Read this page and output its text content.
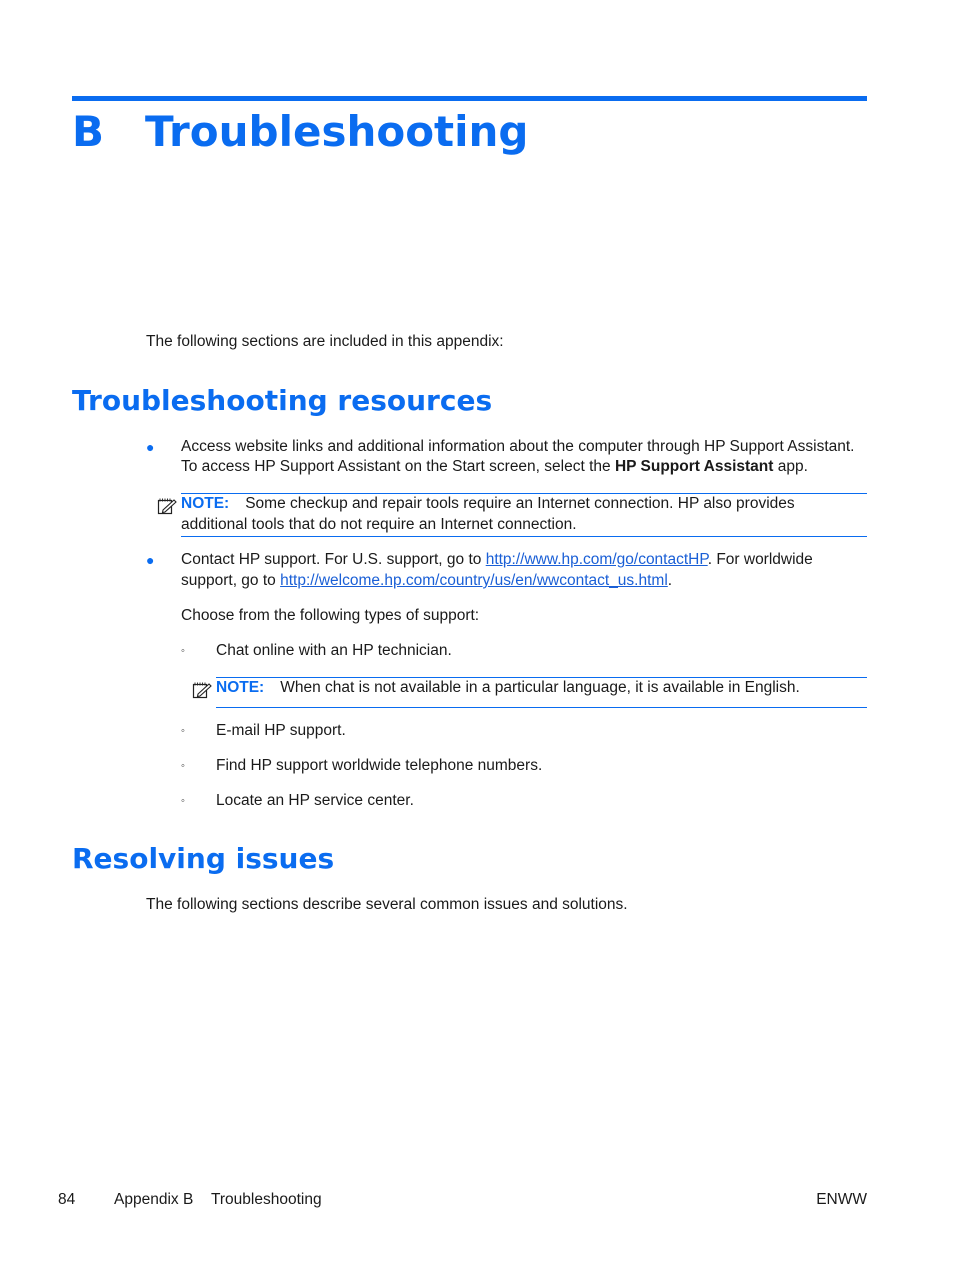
B Troubleshooting
The following sections are included in this appendix:
Troubleshooting resources
● Access website links and additional information about the computer through HP Support Assistant.
To access HP Support Assistant on the Start screen, select the HP Support Assistant app.
NOTE: Some checkup and repair tools require an Internet connection. HP also provides
additional tools that do not require an Internet connection.
● Contact HP support. For U.S. support, go to http://www.hp.com/go/contactHP. For worldwide
support, go to http://welcome.hp.com/country/us/en/wwcontact_us.html.
Choose from the following types of support:
◦ Chat online with an HP technician.
NOTE: When chat is not available in a particular language, it is available in English.
◦ E-mail HP support.
◦ Find HP support worldwide telephone numbers.
◦ Locate an HP service center.
Resolving issues
The following sections describe several common issues and solutions.
84	Appendix B Troubleshooting	ENWW
